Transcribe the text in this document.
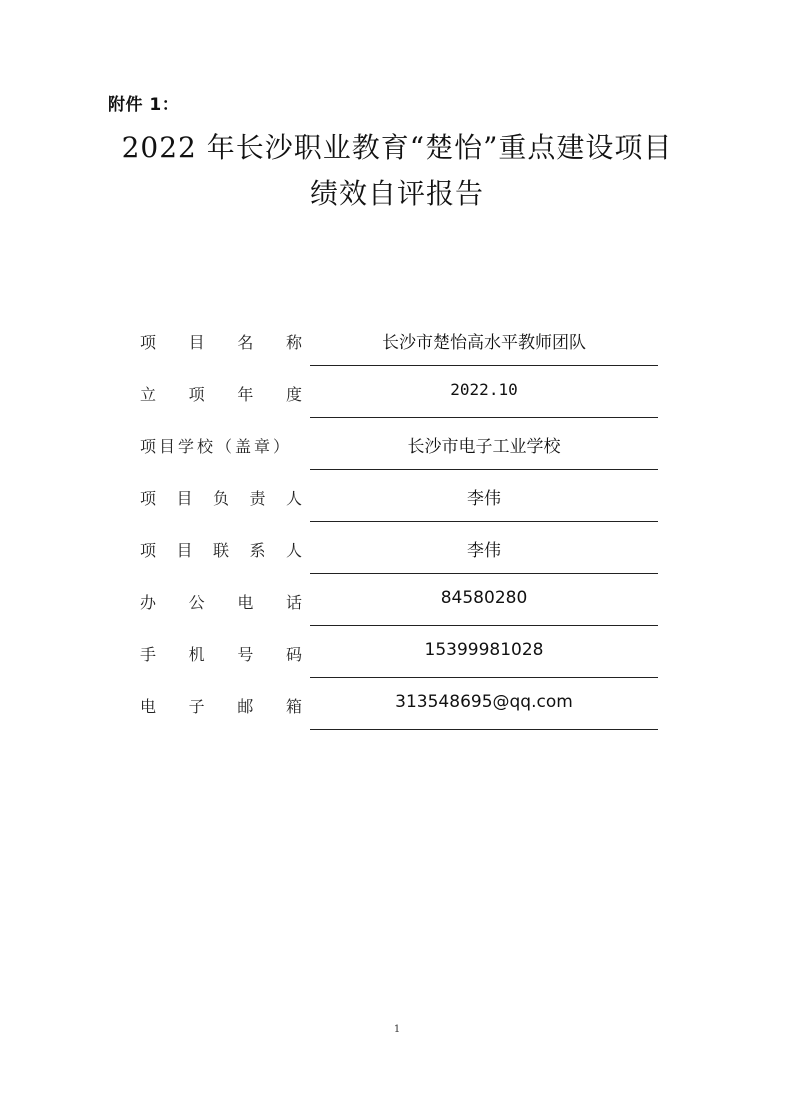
附件 1：
2022 年长沙职业教育“楚怡”重点建设项目
绩效自评报告
项 目 名 称	长沙市楚怡高水平教师团队
立 项 年 度	2022.10
项目学校（盖章）	长沙市电子工业学校
项 目 负 责 人	李伟
项 目 联 系 人	李伟
办 公 电 话	84580280
手 机 号 码	15399981028
电 子 邮 箱	313548695@qq.com
1
